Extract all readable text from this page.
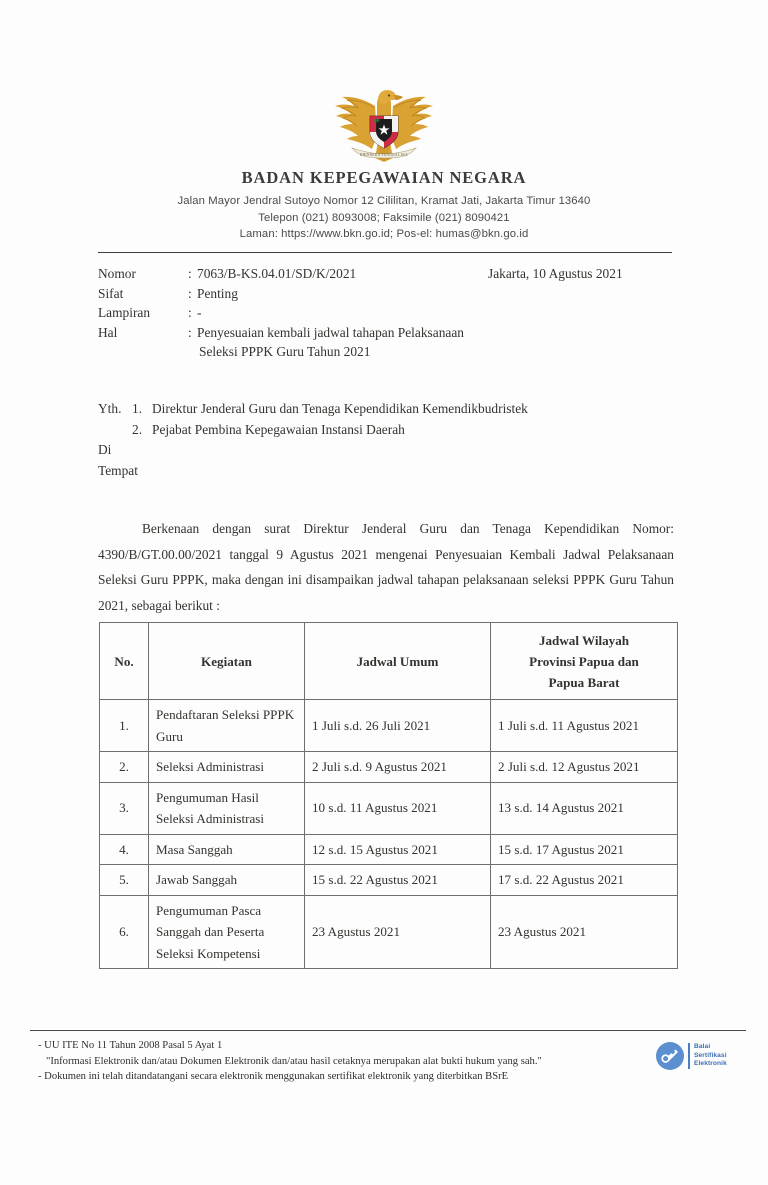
BHINNEKA TUNGGAL IKA
BADAN KEPEGAWAIAN NEGARA
Jalan Mayor Jendral Sutoyo Nomor 12 Cililitan, Kramat Jati, Jakarta Timur 13640
Telepon (021) 8093008; Faksimile (021) 8090421
Laman: https://www.bkn.go.id; Pos-el: humas@bkn.go.id
Nomor	: 7063/B-KS.04.01/SD/K/2021	Jakarta, 10 Agustus 2021
Sifat	: Penting
Lampiran	: -
Hal	: Penyesuaian kembali jadwal tahapan Pelaksanaan
Seleksi PPPK Guru Tahun 2021
Yth. 1. Direktur Jenderal Guru dan Tenaga Kependidikan Kemendikbudristek
2. Pejabat Pembina Kepegawaian Instansi Daerah
Di
Tempat
Berkenaan dengan surat Direktur Jenderal Guru dan Tenaga Kependidikan Nomor: 4390/B/GT.00.00/2021 tanggal 9 Agustus 2021 mengenai Penyesuaian Kembali Jadwal Pelaksanaan Seleksi Guru PPPK, maka dengan ini disampaikan jadwal tahapan pelaksanaan seleksi PPPK Guru Tahun 2021, sebagai berikut :
No.	Kegiatan	Jadwal Umum	Jadwal Wilayah
Provinsi Papua dan
Papua Barat

1.	Pendaftaran Seleksi PPPK Guru	1 Juli s.d. 26 Juli 2021	1 Juli s.d. 11 Agustus 2021
2.	Seleksi Administrasi	2 Juli s.d. 9 Agustus 2021	2 Juli s.d. 12 Agustus 2021
3.	Pengumuman Hasil Seleksi Administrasi	10 s.d. 11 Agustus 2021	13 s.d. 14 Agustus 2021
4.	Masa Sanggah	12 s.d. 15 Agustus 2021	15 s.d. 17 Agustus 2021
5.	Jawab Sanggah	15 s.d. 22 Agustus 2021	17 s.d. 22 Agustus 2021
6.	Pengumuman Pasca Sanggah dan Peserta Seleksi Kompetensi	23 Agustus 2021	23 Agustus 2021
- UU ITE No 11 Tahun 2008 Pasal 5 Ayat 1
"Informasi Elektronik dan/atau Dokumen Elektronik dan/atau hasil cetaknya merupakan alat bukti hukum yang sah."
- Dokumen ini telah ditandatangani secara elektronik menggunakan sertifikat elektronik yang diterbitkan BSrE
Balai
Sertifikasi
Elektronik
